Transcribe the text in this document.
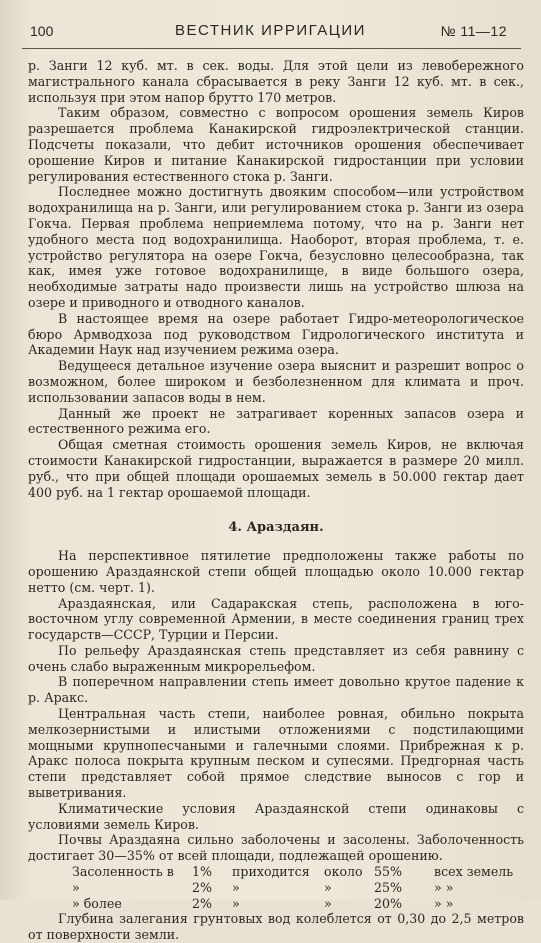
100	ВЕСТНИК ИРРИГАЦИИ	№ 11—12

р. Занги 12 куб. мт. в сек. воды. Для этой цели из левобережного магистрального канала сбрасывается в реку Занги 12 куб. мт. в сек., используя при этом напор брутто 170 метров.

Таким образом, совместно с вопросом орошения земель Киров разрешается проблема Канакирской гидроэлектрической станции. Подсчеты показали, что дебит источников орошения обеспечивает орошение Киров и питание Канакирской гидростанции при условии регулирования естественного стока р. Занги.

Последнее можно достигнуть двояким способом—или устройством водохранилища на р. Занги, или регулированием стока р. Занги из озера Гокча. Первая проблема неприемлема потому, что на р. Занги нет удобного места под водохранилища. Наоборот, вторая проблема, т. е. устройство регулятора на озере Гокча, безусловно целесообразна, так как, имея уже готовое водохранилище, в виде большого озера, необходимые затраты надо произвести лишь на устройство шлюза на озере и приводного и отводного каналов.

В настоящее время на озере работает Гидро-метеорологическое бюро Армводхоза под руководством Гидрологического института и Академии Наук над изучением режима озера.

Ведущееся детальное изучение озера выяснит и разрешит вопрос о возможном, более широком и безболезненном для климата и проч. использовании запасов воды в нем.

Данный же проект не затрагивает коренных запасов озера и естественного режима его.

Общая сметная стоимость орошения земель Киров, не включая стоимости Канакирской гидростанции, выражается в размере 20 милл. руб., что при общей площади орошаемых земель в 50.000 гектар дает 400 руб. на 1 гектар орошаемой площади.

4. Араздаян.

На перспективное пятилетие предположены также работы по орошению Араздаянской степи общей площадью около 10.000 гектар нетто (см. черт. 1).

Араздаянская, или Садаракская степь, расположена в юго-восточном углу современной Армении, в месте соединения границ трех государств—СССР, Турции и Персии.

По рельефу Араздаянская степь представляет из себя равнину с очень слабо выраженным микрорельефом.

В поперечном направлении степь имеет довольно крутое падение к р. Аракс.

Центральная часть степи, наиболее ровная, обильно покрыта мелкозернистыми и илистыми отложениями с подстилающими мощными крупнопесчаными и галечными слоями. Прибрежная к р. Аракс полоса покрыта крупным песком и супесями. Предгорная часть степи представляет собой прямое следствие выносов с гор и выветривания.

Климатические условия Араздаянской степи одинаковы с условиями земель Киров.

Почвы Араздаяна сильно заболочены и засолены. Заболоченность достигает 30—35% от всей площади, подлежащей орошению.

Засоленность в	1%	приходится	около 55%	всех земель
»	2%	»	»	25%	» »
» более	2%	»	»	20%	» »

Глубина залегания грунтовых вод колеблется от 0,30 до 2,5 метров от поверхности земли.
